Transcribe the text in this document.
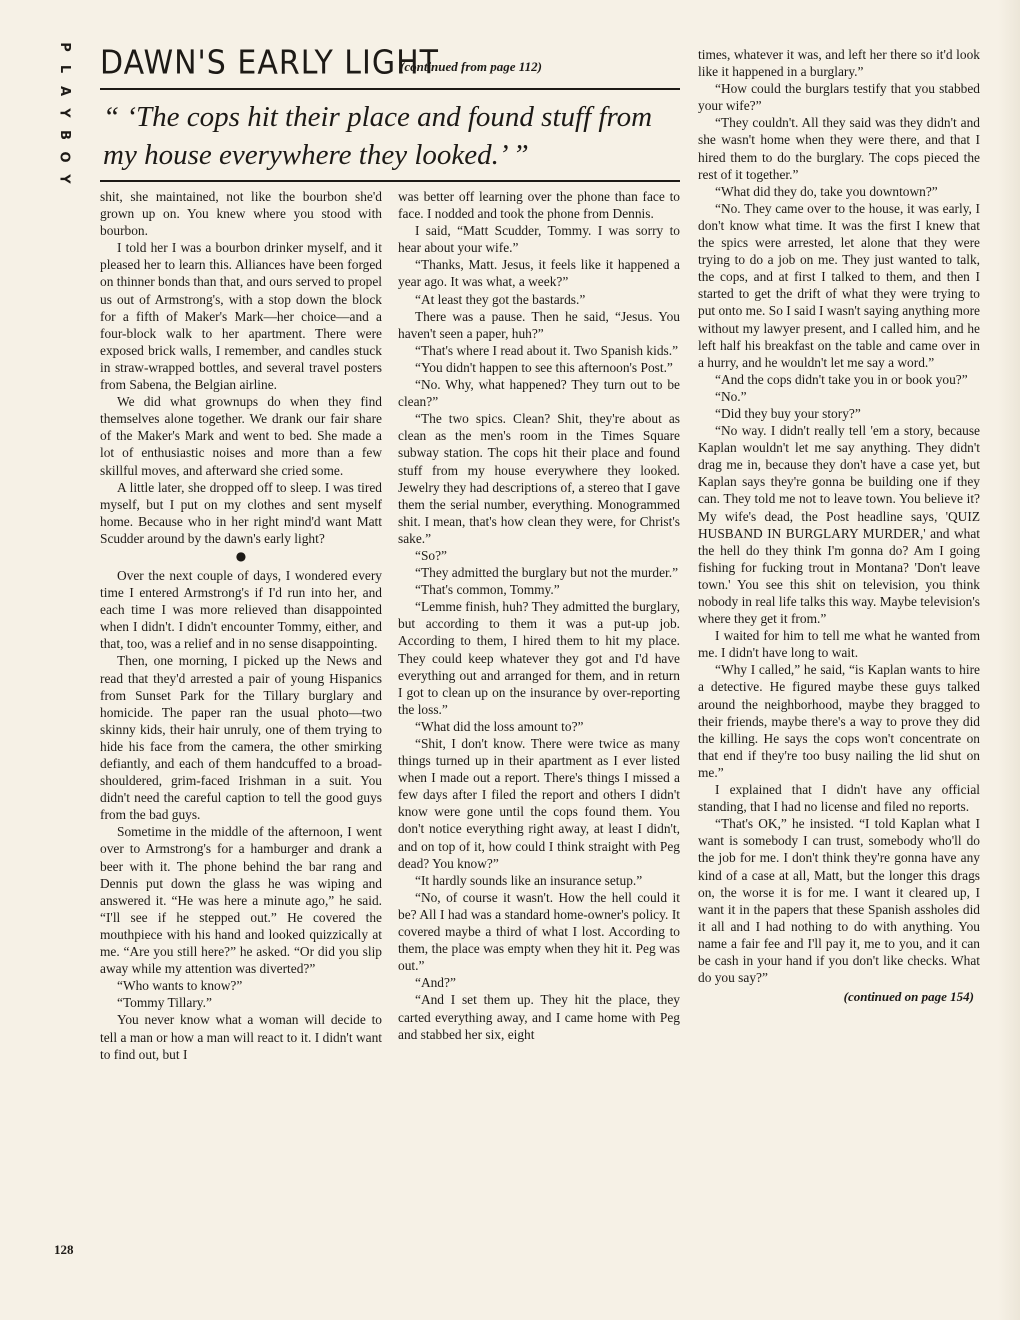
P
L
A
Y
B
O
Y
DAWN'S EARLY LIGHT
(continued from page 112)
“ ‘The cops hit their place and found stuff from my house everywhere they looked.’ ”

shit, she maintained, not like the bourbon she'd grown up on. You knew where you stood with bourbon.

I told her I was a bourbon drinker myself, and it pleased her to learn this. Alliances have been forged on thinner bonds than that, and ours served to propel us out of Armstrong's, with a stop down the block for a fifth of Maker's Mark—her choice—and a four-block walk to her apartment. There were exposed brick walls, I remember, and candles stuck in straw-wrapped bottles, and several travel posters from Sabena, the Belgian airline.

We did what grownups do when they find themselves alone together. We drank our fair share of the Maker's Mark and went to bed. She made a lot of enthusiastic noises and more than a few skillful moves, and afterward she cried some.

A little later, she dropped off to sleep. I was tired myself, but I put on my clothes and sent myself home. Because who in her right mind'd want Matt Scudder around by the dawn's early light?

●

Over the next couple of days, I wondered every time I entered Armstrong's if I'd run into her, and each time I was more relieved than disappointed when I didn't. I didn't encounter Tommy, either, and that, too, was a relief and in no sense disappointing.

Then, one morning, I picked up the News and read that they'd arrested a pair of young Hispanics from Sunset Park for the Tillary burglary and homicide. The paper ran the usual photo—two skinny kids, their hair unruly, one of them trying to hide his face from the camera, the other smirking defiantly, and each of them handcuffed to a broad-shouldered, grim-faced Irishman in a suit. You didn't need the careful caption to tell the good guys from the bad guys.

Sometime in the middle of the afternoon, I went over to Armstrong's for a hamburger and drank a beer with it. The phone behind the bar rang and Dennis put down the glass he was wiping and answered it. “He was here a minute ago,” he said. “I'll see if he stepped out.” He covered the mouthpiece with his hand and looked quizzically at me. “Are you still here?” he asked. “Or did you slip away while my attention was diverted?”

“Who wants to know?”

“Tommy Tillary.”

You never know what a woman will decide to tell a man or how a man will react to it. I didn't want to find out, but I

was better off learning over the phone than face to face. I nodded and took the phone from Dennis.

I said, “Matt Scudder, Tommy. I was sorry to hear about your wife.”

“Thanks, Matt. Jesus, it feels like it happened a year ago. It was what, a week?”

“At least they got the bastards.”

There was a pause. Then he said, “Jesus. You haven't seen a paper, huh?”

“That's where I read about it. Two Spanish kids.”

“You didn't happen to see this afternoon's Post.”

“No. Why, what happened? They turn out to be clean?”

“The two spics. Clean? Shit, they're about as clean as the men's room in the Times Square subway station. The cops hit their place and found stuff from my house everywhere they looked. Jewelry they had descriptions of, a stereo that I gave them the serial number, everything. Monogrammed shit. I mean, that's how clean they were, for Christ's sake.”

“So?”

“They admitted the burglary but not the murder.”

“That's common, Tommy.”

“Lemme finish, huh? They admitted the burglary, but according to them it was a put-up job. According to them, I hired them to hit my place. They could keep whatever they got and I'd have everything out and arranged for them, and in return I got to clean up on the insurance by over-reporting the loss.”

“What did the loss amount to?”

“Shit, I don't know. There were twice as many things turned up in their apartment as I ever listed when I made out a report. There's things I missed a few days after I filed the report and others I didn't know were gone until the cops found them. You don't notice everything right away, at least I didn't, and on top of it, how could I think straight with Peg dead? You know?”

“It hardly sounds like an insurance setup.”

“No, of course it wasn't. How the hell could it be? All I had was a standard home-owner's policy. It covered maybe a third of what I lost. According to them, the place was empty when they hit it. Peg was out.”

“And?”

“And I set them up. They hit the place, they carted everything away, and I came home with Peg and stabbed her six, eight

times, whatever it was, and left her there so it'd look like it happened in a burglary.”

“How could the burglars testify that you stabbed your wife?”

“They couldn't. All they said was they didn't and she wasn't home when they were there, and that I hired them to do the burglary. The cops pieced the rest of it together.”

“What did they do, take you downtown?”

“No. They came over to the house, it was early, I don't know what time. It was the first I knew that the spics were arrested, let alone that they were trying to do a job on me. They just wanted to talk, the cops, and at first I talked to them, and then I started to get the drift of what they were trying to put onto me. So I said I wasn't saying anything more without my lawyer present, and I called him, and he left half his breakfast on the table and came over in a hurry, and he wouldn't let me say a word.”

“And the cops didn't take you in or book you?”

“No.”

“Did they buy your story?”

“No way. I didn't really tell 'em a story, because Kaplan wouldn't let me say anything. They didn't drag me in, because they don't have a case yet, but Kaplan says they're gonna be building one if they can. They told me not to leave town. You believe it? My wife's dead, the Post headline says, 'QUIZ HUSBAND IN BURGLARY MURDER,' and what the hell do they think I'm gonna do? Am I going fishing for fucking trout in Montana? 'Don't leave town.' You see this shit on television, you think nobody in real life talks this way. Maybe television's where they get it from.”

I waited for him to tell me what he wanted from me. I didn't have long to wait.

“Why I called,” he said, “is Kaplan wants to hire a detective. He figured maybe these guys talked around the neighborhood, maybe they bragged to their friends, maybe there's a way to prove they did the killing. He says the cops won't concentrate on that end if they're too busy nailing the lid shut on me.”

I explained that I didn't have any official standing, that I had no license and filed no reports.

“That's OK,” he insisted. “I told Kaplan what I want is somebody I can trust, somebody who'll do the job for me. I don't think they're gonna have any kind of a case at all, Matt, but the longer this drags on, the worse it is for me. I want it cleared up, I want it in the papers that these Spanish assholes did it all and I had nothing to do with anything. You name a fair fee and I'll pay it, me to you, and it can be cash in your hand if you don't like checks. What do you say?”

(continued on page 154)
128
